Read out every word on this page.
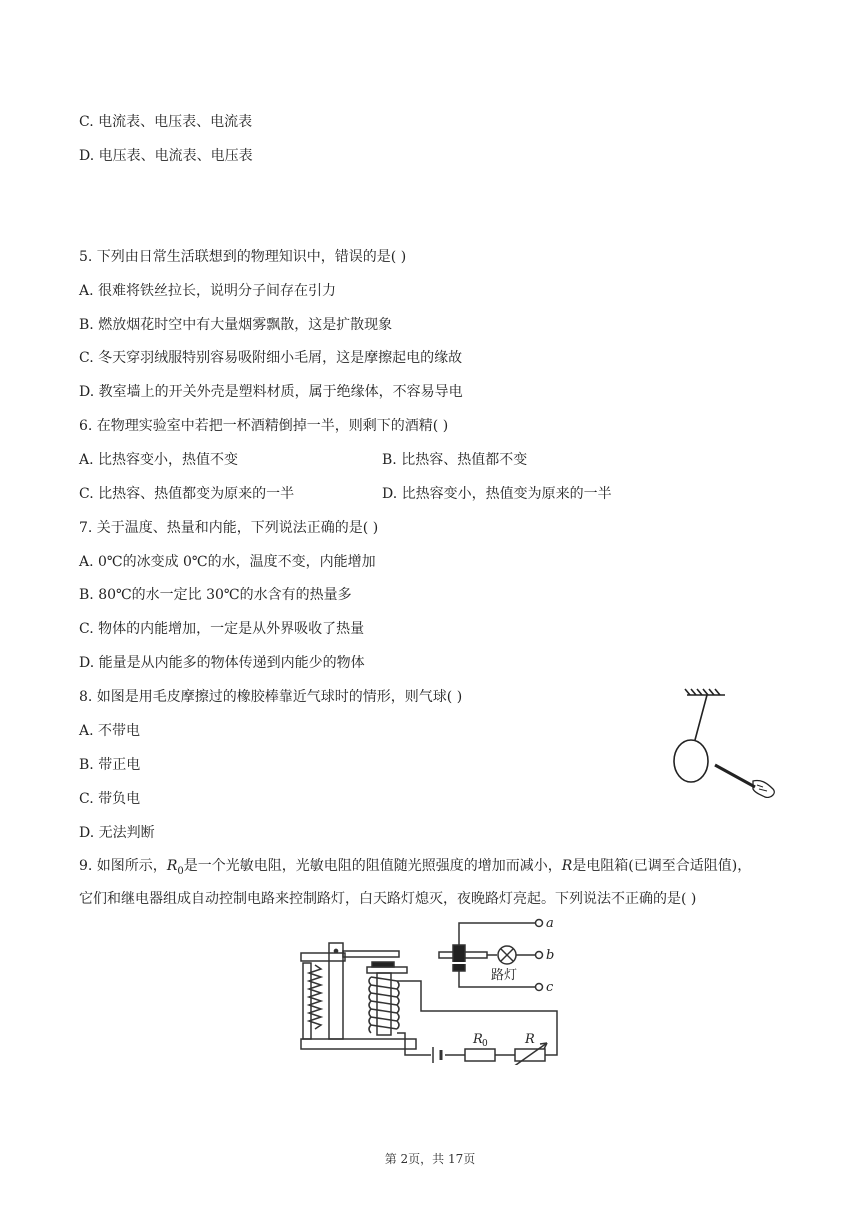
C. 电流表、电压表、电流表
D. 电压表、电流表、电压表
5. 下列由日常生活联想到的物理知识中，错误的是( )
A. 很难将铁丝拉长，说明分子间存在引力
B. 燃放烟花时空中有大量烟雾飘散，这是扩散现象
C. 冬天穿羽绒服特别容易吸附细小毛屑，这是摩擦起电的缘故
D. 教室墙上的开关外壳是塑料材质，属于绝缘体，不容易导电
6. 在物理实验室中若把一杯酒精倒掉一半，则剩下的酒精( )
A. 比热容变小，热值不变	B. 比热容、热值都不变
C. 比热容、热值都变为原来的一半	D. 比热容变小，热值变为原来的一半
7. 关于温度、热量和内能，下列说法正确的是( )
A. 0℃的冰变成 0℃的水，温度不变，内能增加
B. 80℃的水一定比 30℃的水含有的热量多
C. 物体的内能增加，一定是从外界吸收了热量
D. 能量是从内能多的物体传递到内能少的物体
8. 如图是用毛皮摩擦过的橡胶棒靠近气球时的情形，则气球( )
A. 不带电
B. 带正电
C. 带负电
D. 无法判断
9. 如图所示，$R_0$是一个光敏电阻，光敏电阻的阻值随光照强度的增加而减小，R是电阻箱(已调至合适阻值)，
它们和继电器组成自动控制电路来控制路灯，白天路灯熄灭，夜晚路灯亮起。下列说法不正确的是( )
a
b
c
R 0	R
路灯
第 2页，共 17页
